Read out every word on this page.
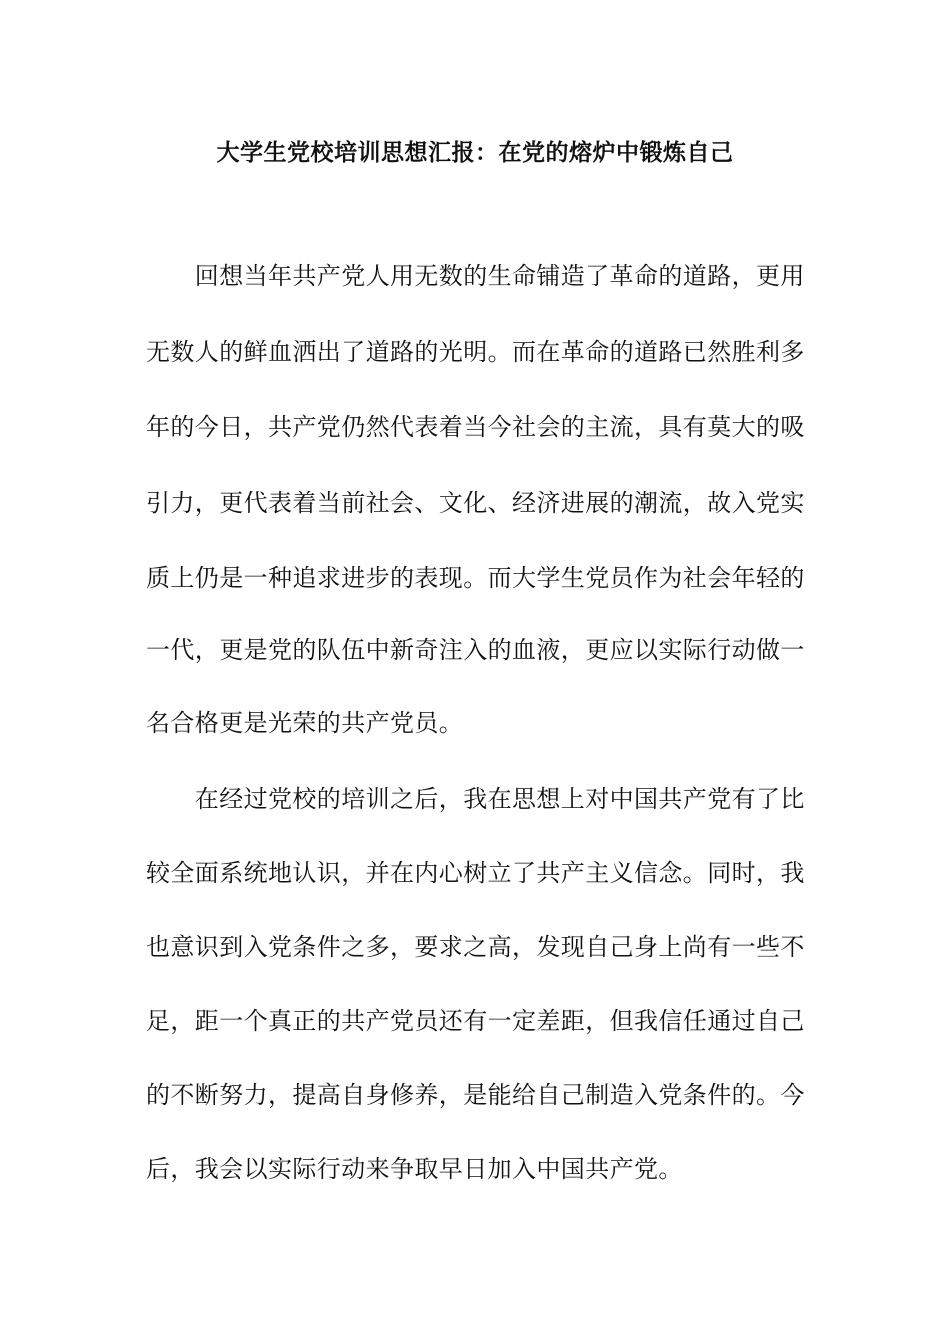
大学生党校培训思想汇报：在党的熔炉中锻炼自己
　　回想当年共产党人用无数的生命铺造了革命的道路，更用
无数人的鲜血洒出了道路的光明。而在革命的道路已然胜利多
年的今日，共产党仍然代表着当今社会的主流，具有莫大的吸
引力，更代表着当前社会、文化、经济进展的潮流，故入党实
质上仍是一种追求进步的表现。而大学生党员作为社会年轻的
一代，更是党的队伍中新奇注入的血液，更应以实际行动做一
名合格更是光荣的共产党员。
　　在经过党校的培训之后，我在思想上对中国共产党有了比
较全面系统地认识，并在内心树立了共产主义信念。同时，我
也意识到入党条件之多，要求之高，发现自己身上尚有一些不
足，距一个真正的共产党员还有一定差距，但我信任通过自己
的不断努力，提高自身修养，是能给自己制造入党条件的。今
后，我会以实际行动来争取早日加入中国共产党。
